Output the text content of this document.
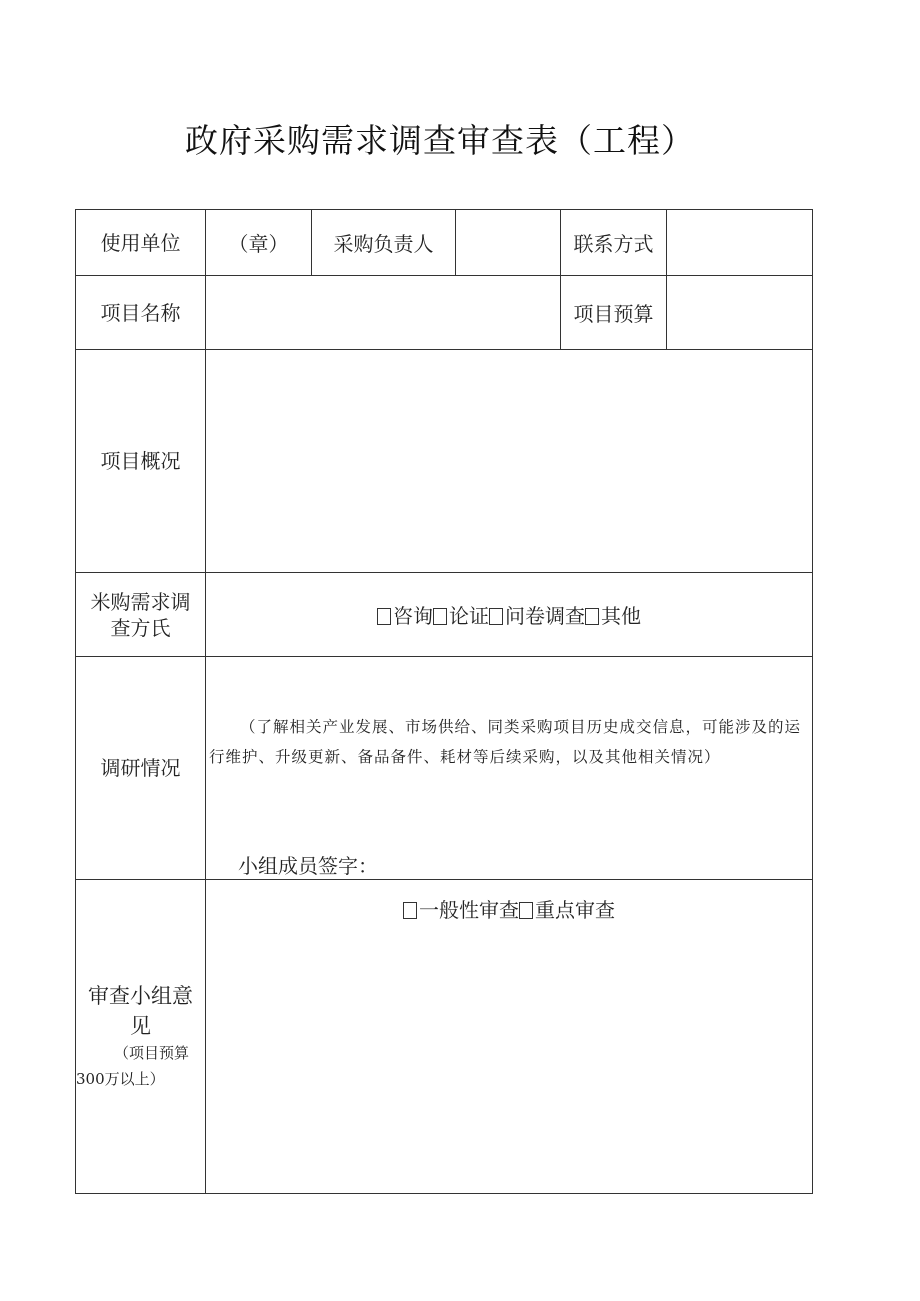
政府采购需求调查审查表（工程）
使用单位	（章）	采购负责人		联系方式	
项目名称				项目预算	
项目概况					
米购需求调查方氏	咨询 论证 问卷调查 其他				
调研情况	（了解相关产业发展、市场供给、同类采购项目历史成交信息，可能涉及的运行维护、升级更新、备品备件、耗材等后续采购，以及其他相关情况）
小组成员签字：				

审查小组意见
（项目预算
300万以上）	一般性审查 重点审查				
